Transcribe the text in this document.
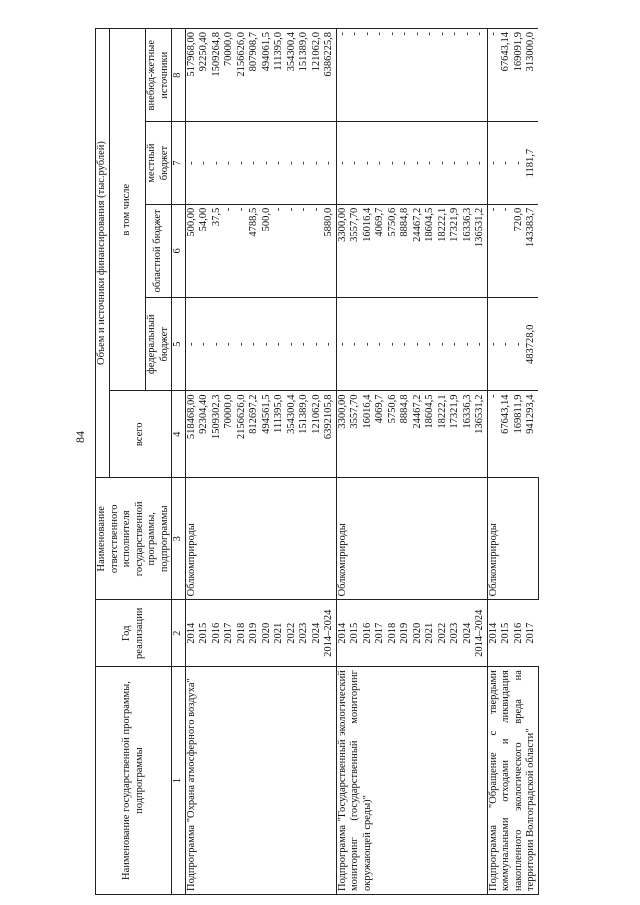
84
Наименование государственной программы, подпрограммы	Год реализации	Наименование ответственного исполнителя государственной программы, подпрограммы	Объем и источники финансирования (тыс.рублей)				
			всего	в том числе			
				федеральный бюджет	областной бюджет	местный бюджет	внебюд-жетные источники
1	2	3	4	5	6	7	8
Подпрограмма "Охрана атмосферного воздуха"	2014	Облкомприроды	518468,00	-	500,00	-	517968,00
	2015		92304,40	-	54,00	-	92250,40
	2016		1509302,3	-	37,5	-	1509264,8
	2017		70000,0	-	-	-	70000,0
	2018		2156626,0	-	-	-	2156626,0
	2019		812697,2	-	4788,5	-	807908,7
	2020		494561,5	-	500,0	-	494061,5
	2021		111395,0	-	-	-	111395,0
	2022		354300,4	-	-	-	354300,4
	2023		151389,0	-	-	-	151389,0
	2024		121062,0	-	-	-	121062,0
	2014–2024		6392105,8	-	5880,0	-	6386225,8
Подпрограмма "Государственный экологический мониторинг (государственный мониторинг окружающей среды)"	2014	Облкомприроды	3300,00	-	3300,00	-	-
	2015		3557,70	-	3557,70	-	-
	2016		16016,4	-	16016,4	-	-
	2017		4069,7	-	4069,7	-	-
	2018		5750,6	-	5750,6	-	-
	2019		8884,8	-	8884,8	-	-
	2020		24467,2	-	24467,2	-	-
	2021		18604,5	-	18604,5	-	-
	2022		18222,1	-	18222,1	-	-
	2023		17321,9	-	17321,9	-	-
	2024		16336,3	-	16336,3	-	-
	2014–2024		136531,2	-	136531,2	-	-
Подпрограмма "Обращение с твердыми коммунальными отходами и ликвидация накопленного экологического вреда на территории Волгоградской области"	2014	Облкомприроды	-	-	-	-	-
	2015		67643,14	-	-	-	67643,14
	2016		169811,9	-	720,0	-	169091,9
	2017		941293,4	483728,0	143383,7	1181,7	313000,0
